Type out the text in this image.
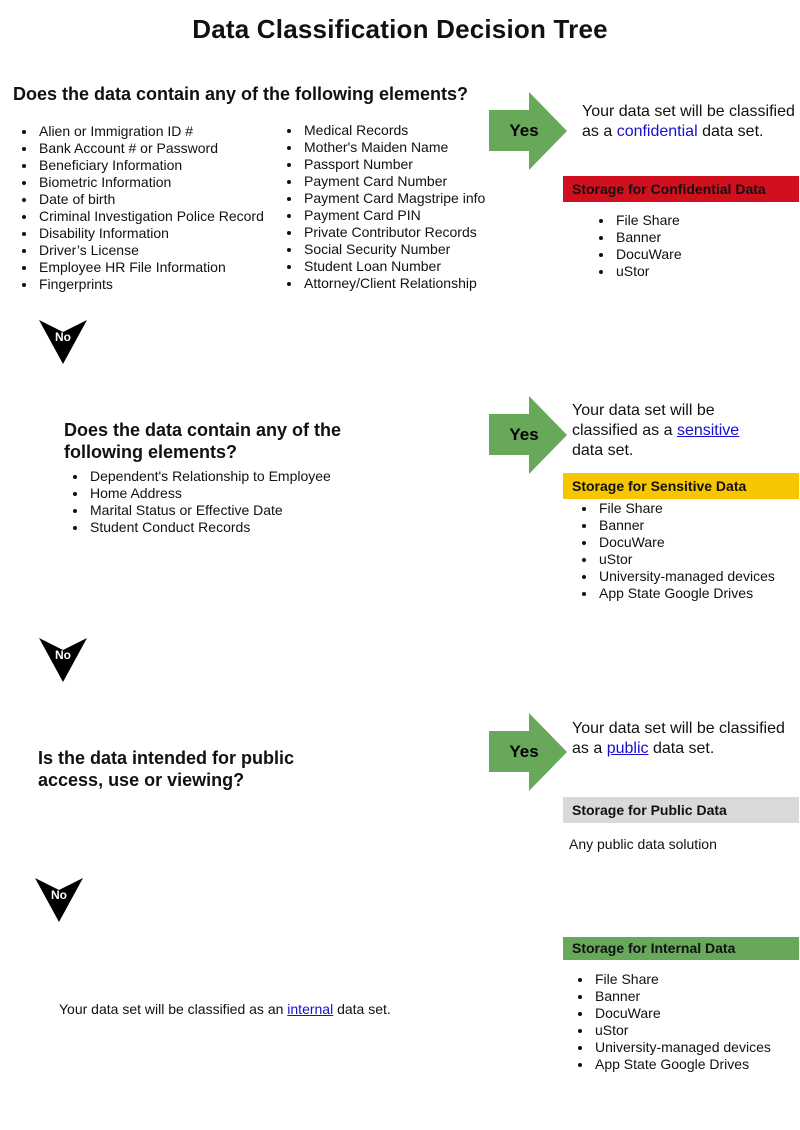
Data Classification Decision Tree

Does the data contain any of the following elements?

• Alien or Immigration ID #
• Bank Account # or Password
• Beneficiary Information
• Biometric Information
• Date of birth
• Criminal Investigation Police Record
• Disability Information
• Driver’s License
• Employee HR File Information
• Fingerprints
• Medical Records
• Mother's Maiden Name
• Passport Number
• Payment Card Number
• Payment Card Magstripe info
• Payment Card PIN
• Private Contributor Records
• Social Security Number
• Student Loan Number
• Attorney/Client Relationship
Yes
Your data set will be classified as a confidential data set.
Storage for Confidential Data
• File Share
• Banner
• DocuWare
• uStor
No

Does the data contain any of the following elements?

• Dependent's Relationship to Employee
• Home Address
• Marital Status or Effective Date
• Student Conduct Records
Yes
Your data set will be classified as a sensitive data set.
Storage for Sensitive Data
• File Share
• Banner
• DocuWare
• uStor
• University-managed devices
• App State Google Drives
No

Is the data intended for public access, use or viewing?

Yes
Your data set will be classified as a public data set.
Storage for Public Data
Any public data solution
No
Your data set will be classified as an internal data set.
Storage for Internal Data
• File Share
• Banner
• DocuWare
• uStor
• University-managed devices
• App State Google Drives
